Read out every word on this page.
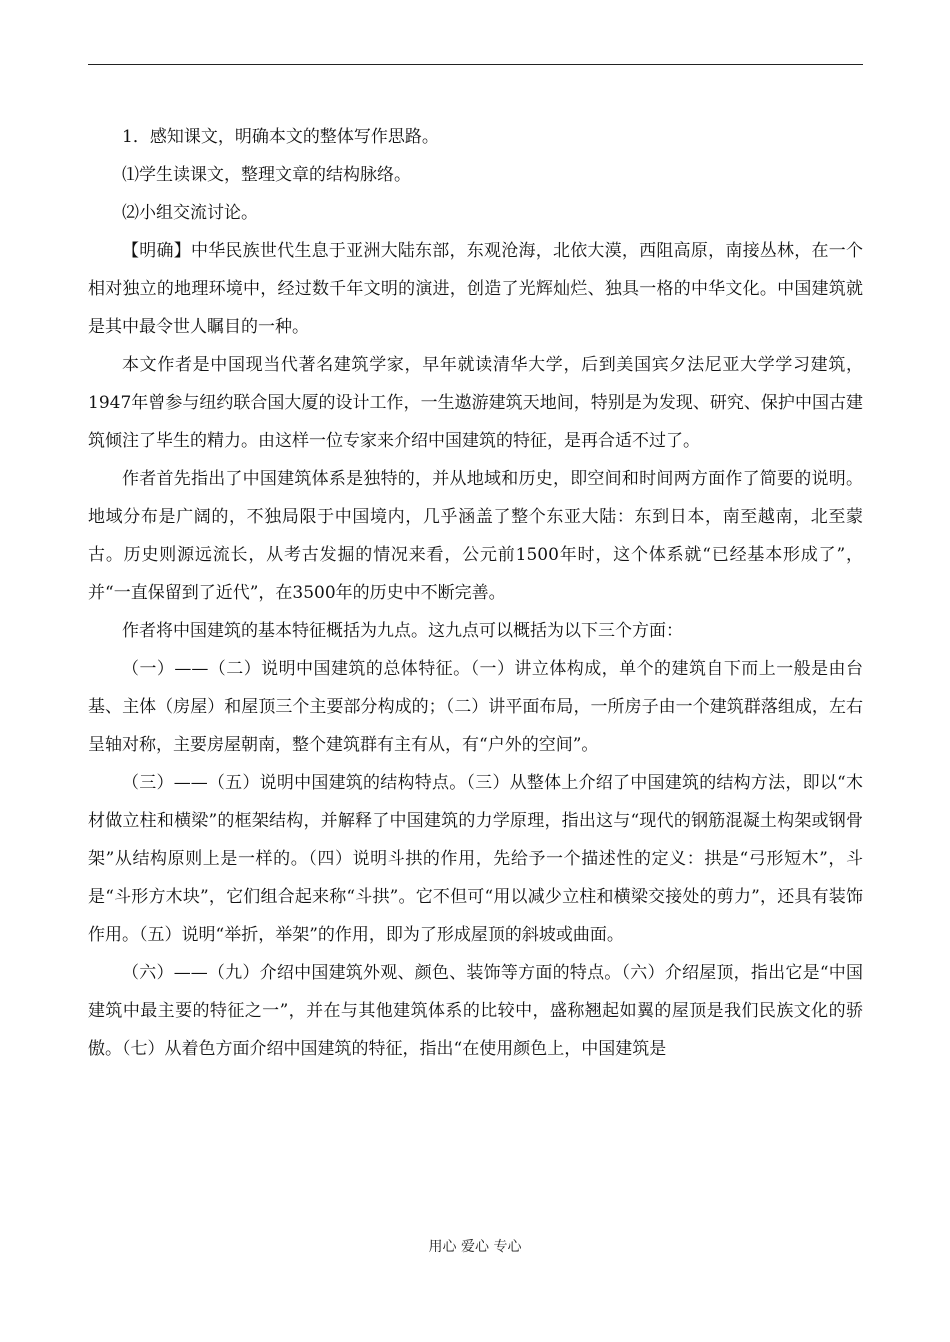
1．感知课文，明确本文的整体写作思路。

⑴学生读课文，整理文章的结构脉络。

⑵小组交流讨论。

【明确】中华民族世代生息于亚洲大陆东部，东观沧海，北依大漠，西阻高原，南接丛林，在一个相对独立的地理环境中，经过数千年文明的演进，创造了光辉灿烂、独具一格的中华文化。中国建筑就是其中最令世人瞩目的一种。

本文作者是中国现当代著名建筑学家，早年就读清华大学，后到美国宾夕法尼亚大学学习建筑，1947年曾参与纽约联合国大厦的设计工作，一生遨游建筑天地间，特别是为发现、研究、保护中国古建筑倾注了毕生的精力。由这样一位专家来介绍中国建筑的特征，是再合适不过了。

作者首先指出了中国建筑体系是独特的，并从地域和历史，即空间和时间两方面作了简要的说明。地域分布是广阔的，不独局限于中国境内，几乎涵盖了整个东亚大陆：东到日本，南至越南，北至蒙古。历史则源远流长，从考古发掘的情况来看，公元前1500年时，这个体系就“已经基本形成了”，并“一直保留到了近代”，在3500年的历史中不断完善。

作者将中国建筑的基本特征概括为九点。这九点可以概括为以下三个方面：

（一）——（二）说明中国建筑的总体特征。（一）讲立体构成，单个的建筑自下而上一般是由台基、主体（房屋）和屋顶三个主要部分构成的；（二）讲平面布局，一所房子由一个建筑群落组成，左右呈轴对称，主要房屋朝南，整个建筑群有主有从，有“户外的空间”。

（三）——（五）说明中国建筑的结构特点。（三）从整体上介绍了中国建筑的结构方法，即以“木材做立柱和横梁”的框架结构，并解释了中国建筑的力学原理，指出这与“现代的钢筋混凝土构架或钢骨架”从结构原则上是一样的。（四）说明斗拱的作用，先给予一个描述性的定义：拱是“弓形短木”，斗是“斗形方木块”，它们组合起来称“斗拱”。它不但可“用以减少立柱和横梁交接处的剪力”，还具有装饰作用。（五）说明“举折，举架”的作用，即为了形成屋顶的斜坡或曲面。

（六）——（九）介绍中国建筑外观、颜色、装饰等方面的特点。（六）介绍屋顶，指出它是“中国建筑中最主要的特征之一”，并在与其他建筑体系的比较中，盛称翘起如翼的屋顶是我们民族文化的骄傲。（七）从着色方面介绍中国建筑的特征，指出“在使用颜色上，中国建筑是

用心 爱心 专心
